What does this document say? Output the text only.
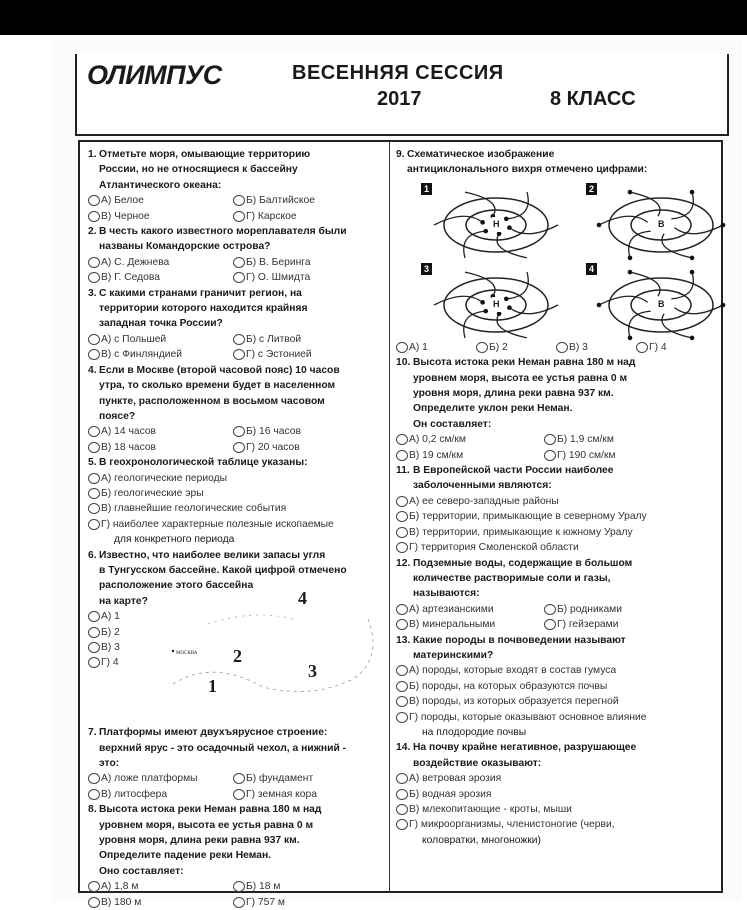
ОЛИМПУС	ВЕСЕННЯЯ СЕССИЯ
2017	8 КЛАСС
1. Отметьте моря, омывающие территорию
России, но не относящиеся к бассейну
Атлантического океана:
А) Белое	Б) Балтийское
В) Черное	Г) Карское
2. В честь какого известного мореплавателя были
названы Командорские острова?
А) С. Дежнева	Б) В. Беринга
В) Г. Седова	Г) О. Шмидта
3. С какими странами граничит регион, на
территории которого находится крайняя
западная точка России?
А) с Польшей	Б) с Литвой
В) с Финляндией	Г) с Эстонией
4. Если в Москве (второй часовой пояс) 10 часов
утра, то сколько времени будет в населенном
пункте, расположенном в восьмом часовом
поясе?
А) 14 часов	Б) 16 часов
В) 18 часов	Г) 20 часов
5. В геохронологической таблице указаны:
А) геологические периоды
Б) геологические эры
В) главнейшие геологические события
Г) наиболее характерные полезные ископаемые
для конкретного периода
6. Известно, что наиболее велики запасы угля
в Тунгусском бассейне. Какой цифрой отмечено
расположение этого бассейна
на карте?
А) 1
Б) 2
В) 3
Г) 4
1
2
3
4
МОСКВА
7. Платформы имеют двухъярусное строение:
верхний ярус - это осадочный чехол, а нижний -
это:
А) ложе платформы	Б) фундамент
В) литосфера	Г) земная кора
8. Высота истока реки Неман равна 180 м над
уровнем моря, высота ее устья равна 0 м
уровня моря, длина реки равна 937 км.
Определите падение реки Неман.
Оно составляет:
А) 1,8 м	Б) 18 м
В) 180 м	Г) 757 м
9. Схематическое изображение
антициклонального вихря отмечено цифрами:
1
Н
2
В
3
Н
4
В
А) 1	Б) 2	В) 3	Г) 4
10. Высота истока реки Неман равна 180 м над
уровнем моря, высота ее устья равна 0 м
уровня моря, длина реки равна 937 км.
Определите уклон реки Неман.
Он составляет:
А) 0,2 см/км	Б) 1,9 см/км
В) 19 см/км	Г) 190 см/км
11. В Европейской части России наиболее
заболоченными являются:
А) ее северо-западные районы
Б) территории, примыкающие в северному Уралу
В) территории, примыкающие к южному Уралу
Г) территория Смоленской области
12. Подземные воды, содержащие в большом
количестве растворимые соли и газы,
называются:
А) артезианскими	Б) родниками
В) минеральными	Г) гейзерами
13. Какие породы в почвоведении называют
материнскими?
А) породы, которые входят в состав гумуса
Б) породы, на которых образуются почвы
В) породы, из которых образуется перегной
Г) породы, которые оказывают основное влияние
на плодородие почвы
14. На почву крайне негативное, разрушающее
воздействие оказывают:
А) ветровая эрозия
Б) водная эрозия
В) млекопитающие - кроты, мыши
Г) микроорганизмы, членистоногие (черви,
коловратки, многоножки)
